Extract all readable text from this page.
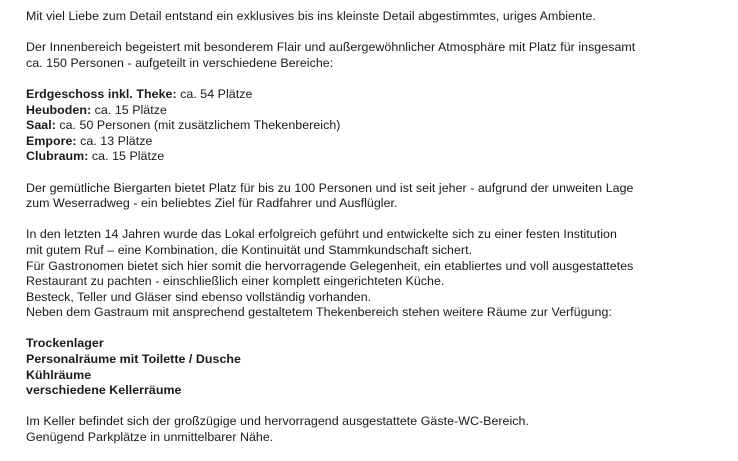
Mit viel Liebe zum Detail entstand ein exklusives bis ins kleinste Detail abgestimmtes, uriges Ambiente.

Der Innenbereich begeistert mit besonderem Flair und außergewöhnlicher Atmosphäre mit Platz für insgesamt
ca. 150 Personen - aufgeteilt in verschiedene Bereiche:

Erdgeschoss inkl. Theke: ca. 54 Plätze
Heuboden: ca. 15 Plätze
Saal: ca. 50 Personen (mit zusätzlichem Thekenbereich)
Empore: ca. 13 Plätze
Clubraum: ca. 15 Plätze

Der gemütliche Biergarten bietet Platz für bis zu 100 Personen und ist seit jeher - aufgrund der unweiten Lage
zum Weserradweg - ein beliebtes Ziel für Radfahrer und Ausflügler.

In den letzten 14 Jahren wurde das Lokal erfolgreich geführt und entwickelte sich zu einer festen Institution
mit gutem Ruf – eine Kombination, die Kontinuität und Stammkundschaft sichert.
Für Gastronomen bietet sich hier somit die hervorragende Gelegenheit, ein etabliertes und voll ausgestattetes
Restaurant zu pachten - einschließlich einer komplett eingerichteten Küche.
Besteck, Teller und Gläser sind ebenso vollständig vorhanden.
Neben dem Gastraum mit ansprechend gestaltetem Thekenbereich stehen weitere Räume zur Verfügung:

Trockenlager
Personalräume mit Toilette / Dusche
Kühlräume
verschiedene Kellerräume

Im Keller befindet sich der großzügige und hervorragend ausgestattete Gäste-WC-Bereich.
Genügend Parkplätze in unmittelbarer Nähe.
